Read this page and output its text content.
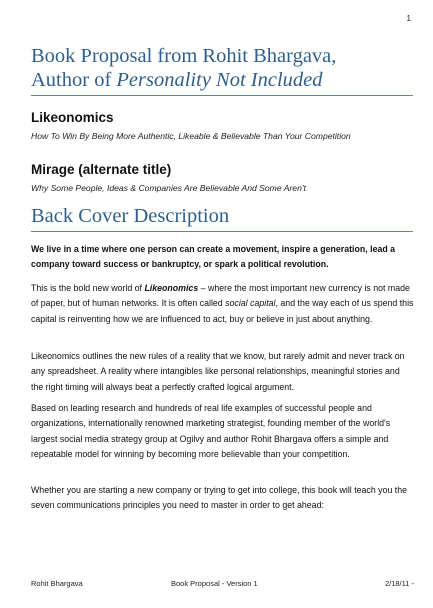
1
Book Proposal from Rohit Bhargava,
Author of Personality Not Included
Likeonomics
How To Win By Being More Authentic, Likeable & Believable Than Your Competition
Mirage (alternate title)
Why Some People, Ideas & Companies Are Believable And Some Aren't
Back Cover Description
We live in a time where one person can create a movement, inspire a generation, lead a company toward success or bankruptcy, or spark a political revolution.
This is the bold new world of Likeonomics – where the most important new currency is not made of paper, but of human networks. It is often called social capital, and the way each of us spend this capital is reinventing how we are influenced to act, buy or believe in just about anything.
Likeonomics outlines the new rules of a reality that we know, but rarely admit and never track on any spreadsheet. A reality where intangibles like personal relationships, meaningful stories and the right timing will always beat a perfectly crafted logical argument.
Based on leading research and hundreds of real life examples of successful people and organizations, internationally renowned marketing strategist, founding member of the world's largest social media strategy group at Ogilvy and author Rohit Bhargava offers a simple and repeatable model for winning by becoming more believable than your competition.
Whether you are starting a new company or trying to get into college, this book will teach you the seven communications principles you need to master in order to get ahead:
Rohit Bhargava	Book Proposal - Version 1	2/18/11 -
